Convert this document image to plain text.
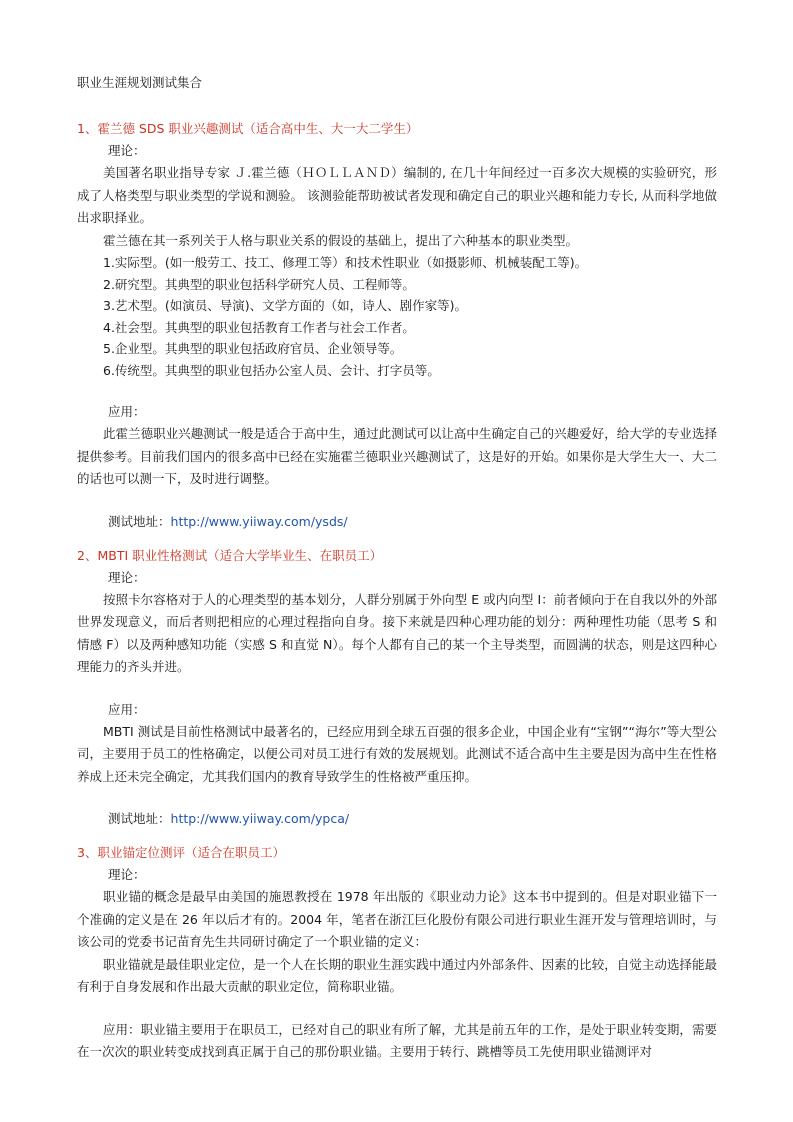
职业生涯规划测试集合
1、霍兰德 SDS 职业兴趣测试（适合高中生、大一大二学生）
理论：

美国著名职业指导专家 Ｊ.霍兰德（ＨＯＬＬＡＮＤ）编制的, 在几十年间经过一百多次大规模的实验研究，形成了人格类型与职业类型的学说和测验。 该测验能帮助被试者发现和确定自己的职业兴趣和能力专长, 从而科学地做出求职择业。

霍兰德在其一系列关于人格与职业关系的假设的基础上，提出了六种基本的职业类型。

1.实际型。(如一般劳工、技工、修理工等）和技术性职业（如摄影师、机械装配工等)。
2.研究型。其典型的职业包括科学研究人员、工程师等。
3.艺术型。(如演员、导演)、文学方面的（如，诗人、剧作家等)。
4.社会型。其典型的职业包括教育工作者与社会工作者。
5.企业型。其典型的职业包括政府官员、企业领导等。
6.传统型。其典型的职业包括办公室人员、会计、打字员等。
应用：

此霍兰德职业兴趣测试一般是适合于高中生，通过此测试可以让高中生确定自己的兴趣爱好，给大学的专业选择提供参考。目前我们国内的很多高中已经在实施霍兰德职业兴趣测试了，这是好的开始。如果你是大学生大一、大二的话也可以测一下，及时进行调整。

测试地址：http://www.yiiway.com/ysds/
2、MBTI 职业性格测试（适合大学毕业生、在职员工）
理论：

按照卡尔容格对于人的心理类型的基本划分，人群分别属于外向型 E 或内向型 I：前者倾向于在自我以外的外部世界发现意义，而后者则把相应的心理过程指向自身。接下来就是四种心理功能的划分：两种理性功能（思考 S 和情感 F）以及两种感知功能（实感 S 和直觉 N）。每个人都有自己的某一个主导类型，而圆满的状态，则是这四种心理能力的齐头并进。

应用：

MBTI 测试是目前性格测试中最著名的，已经应用到全球五百强的很多企业，中国企业有“宝钢”“海尔”等大型公司，主要用于员工的性格确定，以便公司对员工进行有效的发展规划。此测试不适合高中生主要是因为高中生在性格养成上还未完全确定，尤其我们国内的教育导致学生的性格被严重压抑。

测试地址：http://www.yiiway.com/ypca/
3、职业锚定位测评（适合在职员工）
理论：

职业锚的概念是最早由美国的施恩教授在 1978 年出版的《职业动力论》这本书中提到的。但是对职业锚下一个准确的定义是在 26 年以后才有的。2004 年，笔者在浙江巨化股份有限公司进行职业生涯开发与管理培训时，与该公司的党委书记苗育先生共同研讨确定了一个职业锚的定义：

职业锚就是最佳职业定位，是一个人在长期的职业生涯实践中通过内外部条件、因素的比较，自觉主动选择能最有利于自身发展和作出最大贡献的职业定位，简称职业锚。

应用：职业锚主要用于在职员工，已经对自己的职业有所了解，尤其是前五年的工作，是处于职业转变期，需要在一次次的职业转变成找到真正属于自己的那份职业锚。主要用于转行、跳槽等员工先使用职业锚测评对
